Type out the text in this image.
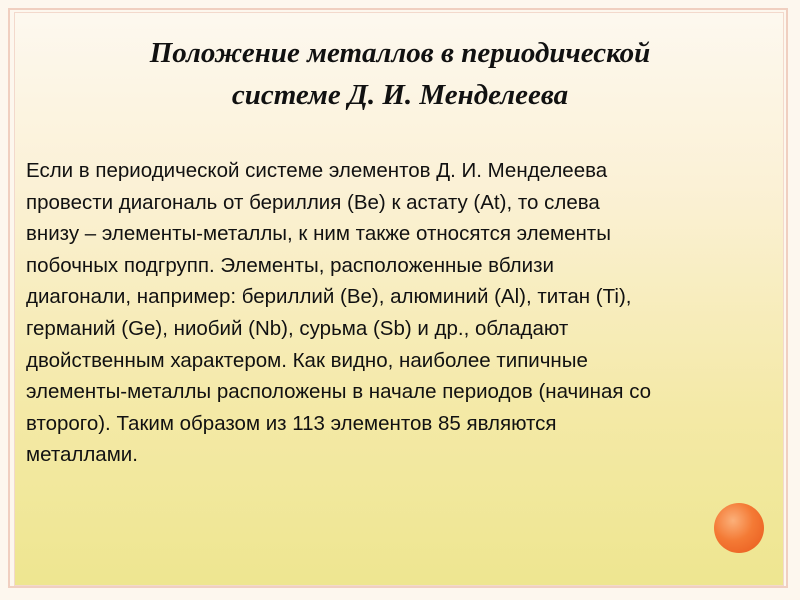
Положение металлов в периодической
системе Д. И. Менделеева

Если в периодической системе элементов Д. И. Менделеева
провести диагональ от бериллия (Be) к астату (At), то слева
внизу – элементы-металлы, к ним также относятся элементы
побочных подгрупп. Элементы, расположенные вблизи
диагонали, например: бериллий (Be), алюминий (Al), титан (Ti),
германий (Ge), ниобий (Nb), сурьма (Sb) и др., обладают
двойственным характером. Как видно, наиболее типичные
элементы-металлы расположены в начале периодов (начиная со
второго). Таким образом из 113 элементов 85 являются
металлами.
